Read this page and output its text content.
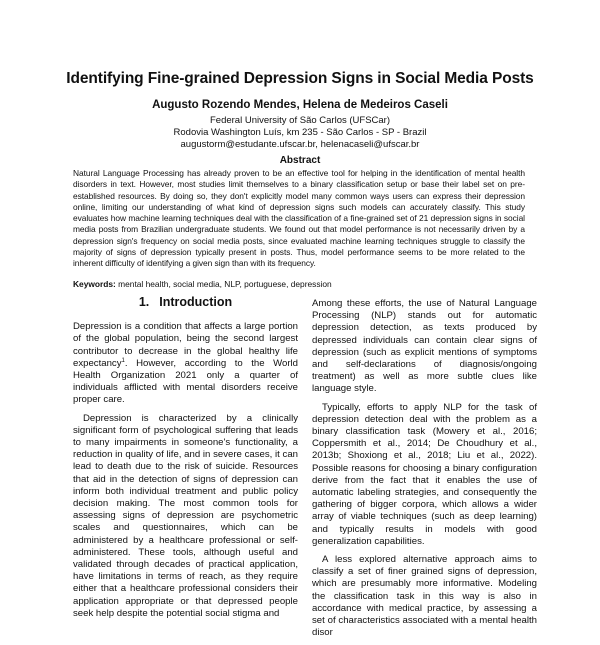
Identifying Fine-grained Depression Signs in Social Media Posts
Augusto Rozendo Mendes, Helena de Medeiros Caseli
Federal University of São Carlos (UFSCar)
Rodovia Washington Luís, km 235 - São Carlos - SP - Brazil
augustorm@estudante.ufscar.br, helenacaseli@ufscar.br
Abstract

Natural Language Processing has already proven to be an effective tool for helping in the identification of mental health disorders in text. However, most studies limit themselves to a binary classification setup or base their label set on pre-established resources. By doing so, they don't explicitly model many common ways users can express their depression online, limiting our understanding of what kind of depression signs such models can accurately classify. This study evaluates how machine learning techniques deal with the classification of a fine-grained set of 21 depression signs in social media posts from Brazilian undergraduate students. We found out that model performance is not necessarily driven by a depression sign's frequency on social media posts, since evaluated machine learning techniques struggle to classify the majority of signs of depression typically present in posts. Thus, model performance seems to be more related to the inherent difficulty of identifying a given sign than with its frequency.

Keywords: mental health, social media, NLP, portuguese, depression

1. Introduction

Depression is a condition that affects a large portion of the global population, being the second largest contributor to decrease in the global healthy life expectancy$^1$. However, according to the World Health Organization 2021 only a quarter of individuals afflicted with mental disorders receive proper care.

Depression is characterized by a clinically significant form of psychological suffering that leads to many impairments in someone's functionality, a reduction in quality of life, and in severe cases, it can lead to death due to the risk of suicide. Resources that aid in the detection of signs of depression can inform both individual treatment and public policy decision making. The most common tools for assessing signs of depression are psychometric scales and questionnaires, which can be administered by a healthcare professional or self-administered. These tools, although useful and validated through decades of practical application, have limitations in terms of reach, as they require either that a healthcare professional considers their application appropriate or that depressed people seek help despite the potential social stigma and

Among these efforts, the use of Natural Language Processing (NLP) stands out for automatic depression detection, as texts produced by depressed individuals can contain clear signs of depression (such as explicit mentions of symptoms and self-declarations of diagnosis/ongoing treatment) as well as more subtle clues like language style.

Typically, efforts to apply NLP for the task of depression detection deal with the problem as a binary classification task (Mowery et al., 2016; Coppersmith et al., 2014; De Choudhury et al., 2013b; Shoxiong et al., 2018; Liu et al., 2022). Possible reasons for choosing a binary configuration derive from the fact that it enables the use of automatic labeling strategies, and consequently the gathering of bigger corpora, which allows a wider array of viable techniques (such as deep learning) and typically results in models with good generalization capabilities.

A less explored alternative approach aims to classify a set of finer grained signs of depression, which are presumably more informative. Modeling the classification task in this way is also in accordance with medical practice, by assessing a set of characteristics associated with a mental health disor
